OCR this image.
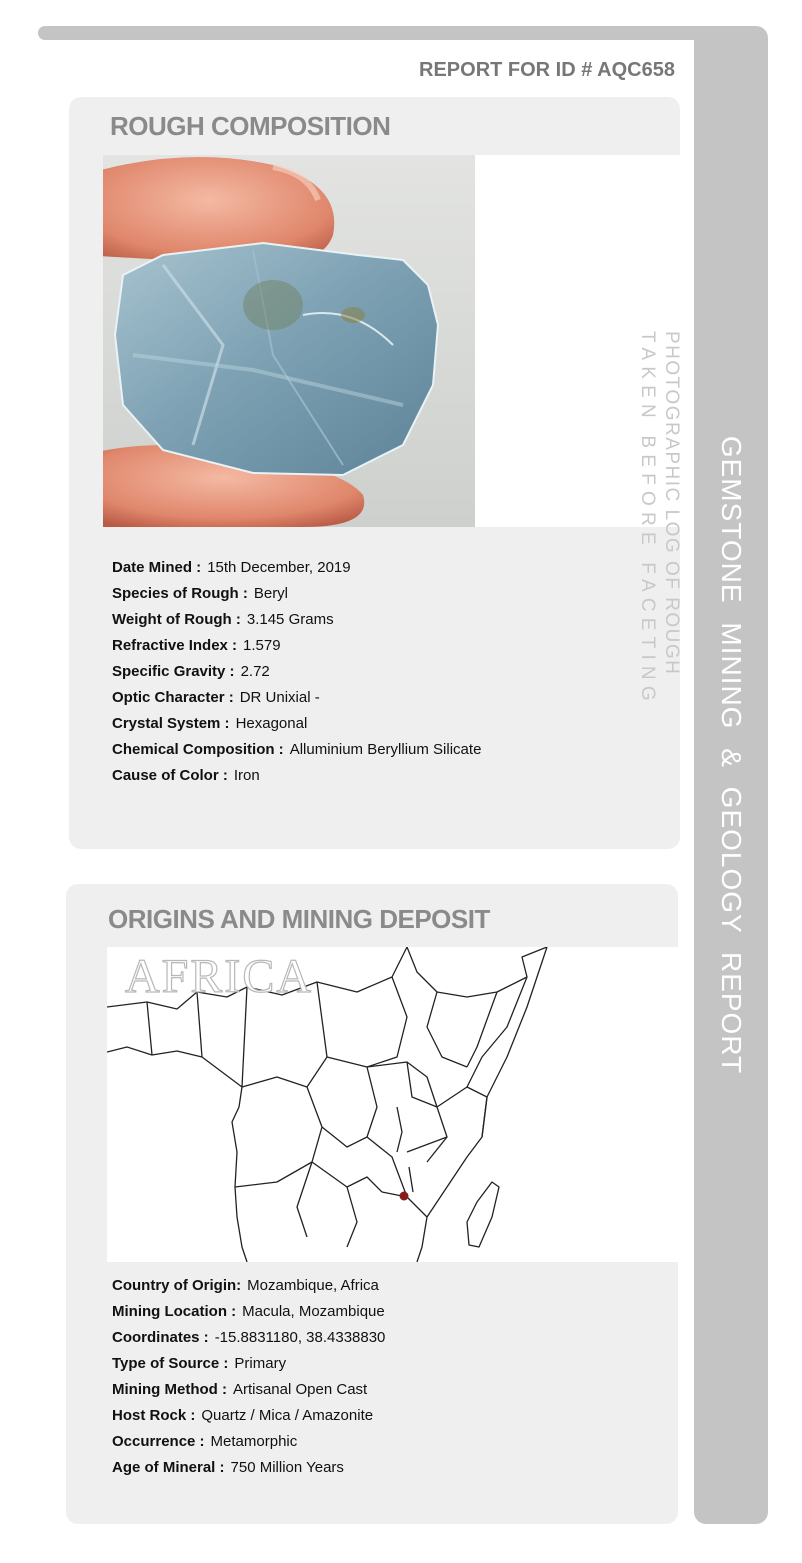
GEMSTONE MINING & GEOLOGY REPORT
REPORT FOR ID # AQC658
ROUGH COMPOSITION
PHOTOGRAPHIC LOG OF ROUGH
TAKEN BEFORE FACETING
Date Mined : 15th December, 2019
Species of Rough : Beryl
Weight of Rough : 3.145 Grams
Refractive Index : 1.579
Specific Gravity : 2.72
Optic Character : DR Unixial -
Crystal System : Hexagonal
Chemical Composition : Alluminium Beryllium Silicate
Cause of Color : Iron
ORIGINS AND MINING DEPOSIT
AFRICA
Country of Origin: Mozambique, Africa
Mining Location : Macula, Mozambique
Coordinates : -15.8831180, 38.4338830
Type of Source : Primary
Mining Method : Artisanal Open Cast
Host Rock : Quartz / Mica / Amazonite
Occurrence : Metamorphic
Age of Mineral : 750 Million Years
